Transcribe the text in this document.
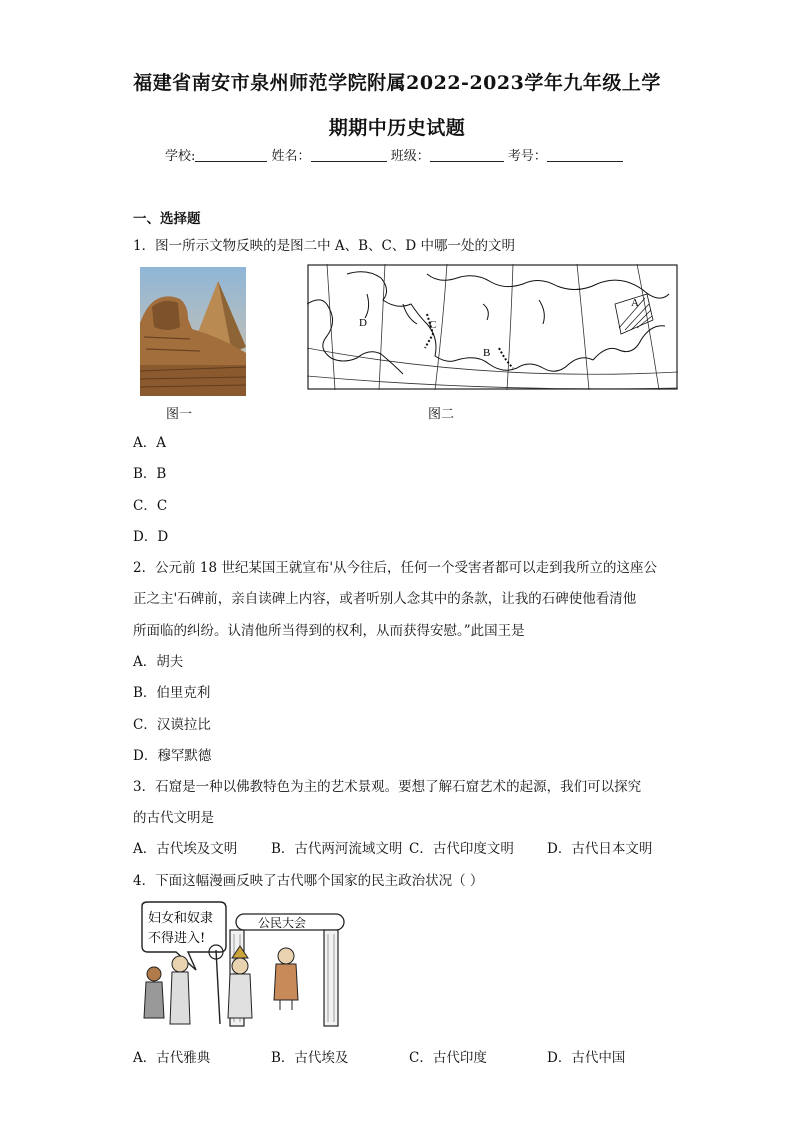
福建省南安市泉州师范学院附属2022-2023学年九年级上学
期期中历史试题
学校:	姓名：	班级：	考号：
一、选择题
1．图一所示文物反映的是图二中 A、B、C、D 中哪一处的文明
A
B
C
D
图一	图二
A．A
B．B
C．C
D．D
2．公元前 18 世纪某国王就宣布'从今往后，任何一个受害者都可以走到我所立的这座公
正之主'石碑前，亲自读碑上内容，或者听别人念其中的条款，让我的石碑使他看清他
所面临的纠纷。认清他所当得到的权利，从而获得安慰。”此国王是
A．胡夫
B．伯里克利
C．汉谟拉比
D．穆罕默德
3．石窟是一种以佛教特色为主的艺术景观。要想了解石窟艺术的起源，我们可以探究
的古代文明是
A．古代埃及文明	B．古代两河流域文明 C．古代印度文明 D．古代日本文明
4．下面这幅漫画反映了古代哪个国家的民主政治状况（ ）
妇女和奴隶
不得进入!
公民大会
A．古代雅典	B．古代埃及	C．古代印度	D．古代中国
